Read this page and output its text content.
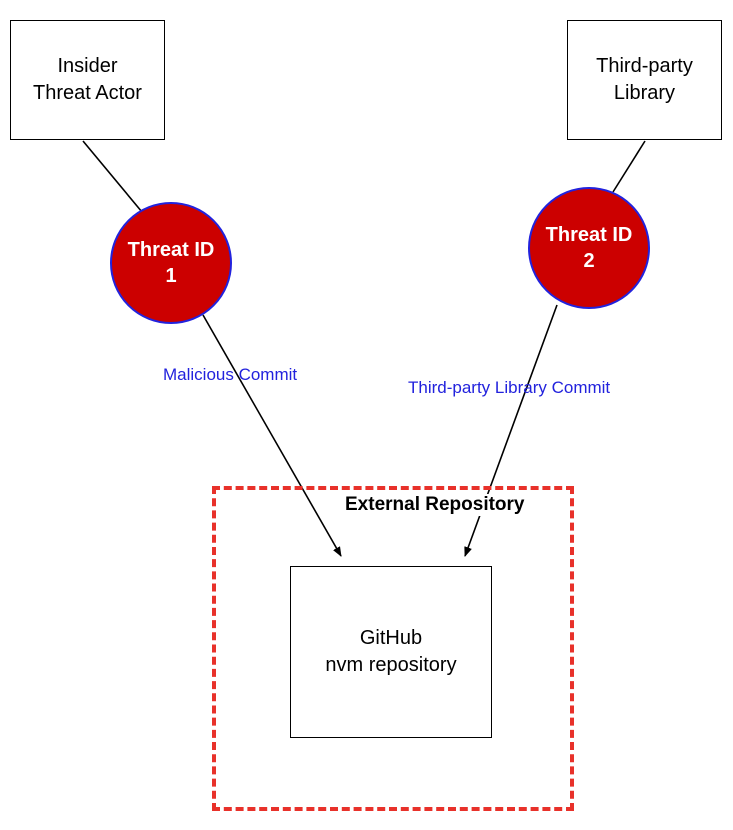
External Repository
Insider
Threat Actor
Third-party
Library
Threat ID
1
Threat ID
2
GitHub
nvm repository
Malicious Commit
Third-party Library Commit
